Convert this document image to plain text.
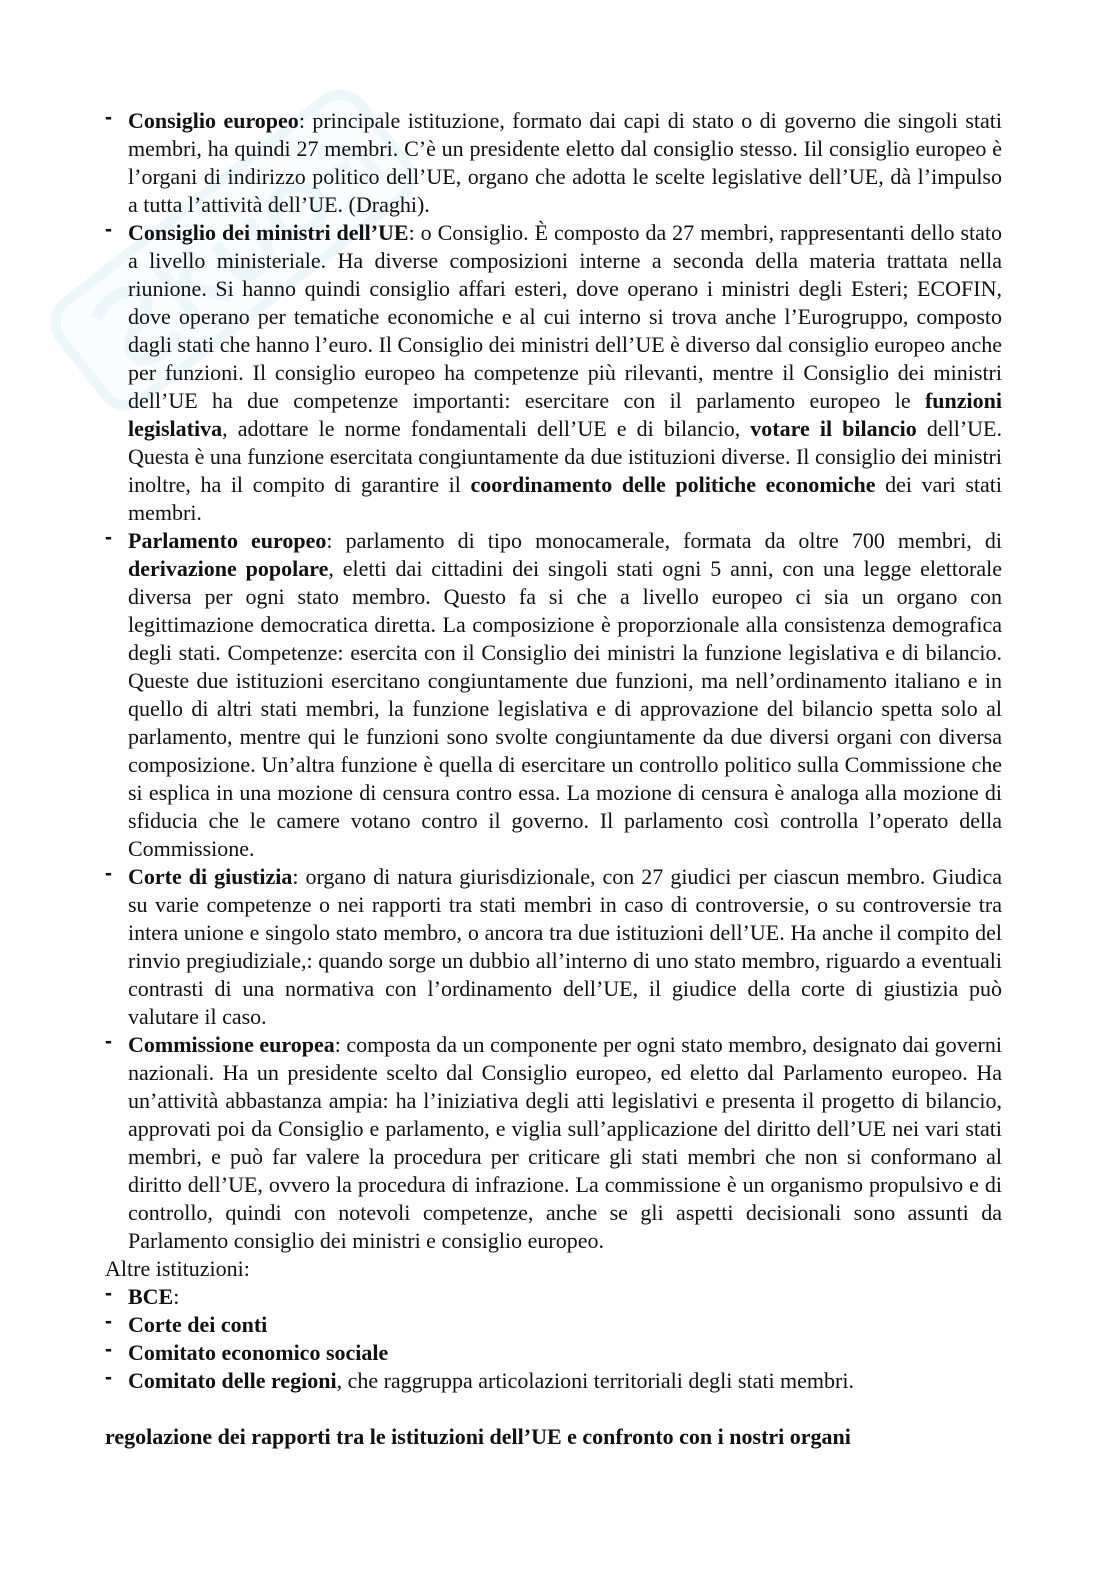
- Consiglio europeo: principale istituzione, formato dai capi di stato o di governo die singoli stati membri, ha quindi 27 membri. C’è un presidente eletto dal consiglio stesso. Iil consiglio europeo è l’organi di indirizzo politico dell’UE, organo che adotta le scelte legislative dell’UE, dà l’impulso a tutta l’attività dell’UE. (Draghi).
- Consiglio dei ministri dell’UE: o Consiglio. È composto da 27 membri, rappresentanti dello stato a livello ministeriale. Ha diverse composizioni interne a seconda della materia trattata nella riunione. Si hanno quindi consiglio affari esteri, dove operano i ministri degli Esteri; ECOFIN, dove operano per tematiche economiche e al cui interno si trova anche l’Eurogruppo, composto dagli stati che hanno l’euro. Il Consiglio dei ministri dell’UE è diverso dal consiglio europeo anche per funzioni. Il consiglio europeo ha competenze più rilevanti, mentre il Consiglio dei ministri dell’UE ha due competenze importanti: esercitare con il parlamento europeo le funzioni legislativa, adottare le norme fondamentali dell’UE e di bilancio, votare il bilancio dell’UE. Questa è una funzione esercitata congiuntamente da due istituzioni diverse. Il consiglio dei ministri inoltre, ha il compito di garantire il coordinamento delle politiche economiche dei vari stati membri.
- Parlamento europeo: parlamento di tipo monocamerale, formata da oltre 700 membri, di derivazione popolare, eletti dai cittadini dei singoli stati ogni 5 anni, con una legge elettorale diversa per ogni stato membro. Questo fa si che a livello europeo ci sia un organo con legittimazione democratica diretta. La composizione è proporzionale alla consistenza demografica degli stati. Competenze: esercita con il Consiglio dei ministri la funzione legislativa e di bilancio. Queste due istituzioni esercitano congiuntamente due funzioni, ma nell’ordinamento italiano e in quello di altri stati membri, la funzione legislativa e di approvazione del bilancio spetta solo al parlamento, mentre qui le funzioni sono svolte congiuntamente da due diversi organi con diversa composizione. Un’altra funzione è quella di esercitare un controllo politico sulla Commissione che si esplica in una mozione di censura contro essa. La mozione di censura è analoga alla mozione di sfiducia che le camere votano contro il governo. Il parlamento così controlla l’operato della Commissione.
- Corte di giustizia: organo di natura giurisdizionale, con 27 giudici per ciascun membro. Giudica su varie competenze o nei rapporti tra stati membri in caso di controversie, o su controversie tra intera unione e singolo stato membro, o ancora tra due istituzioni dell’UE. Ha anche il compito del rinvio pregiudiziale,: quando sorge un dubbio all’interno di uno stato membro, riguardo a eventuali contrasti di una normativa con l’ordinamento dell’UE, il giudice della corte di giustizia può valutare il caso.
- Commissione europea: composta da un componente per ogni stato membro, designato dai governi nazionali. Ha un presidente scelto dal Consiglio europeo, ed eletto dal Parlamento europeo. Ha un’attività abbastanza ampia: ha l’iniziativa degli atti legislativi e presenta il progetto di bilancio, approvati poi da Consiglio e parlamento, e viglia sull’applicazione del diritto dell’UE nei vari stati membri, e può far valere la procedura per criticare gli stati membri che non si conformano al diritto dell’UE, ovvero la procedura di infrazione. La commissione è un organismo propulsivo e di controllo, quindi con notevoli competenze, anche se gli aspetti decisionali sono assunti da Parlamento consiglio dei ministri e consiglio europeo.
Altre istituzioni:
- BCE:
- Corte dei conti
- Comitato economico sociale
- Comitato delle regioni, che raggruppa articolazioni territoriali degli stati membri.
regolazione dei rapporti tra le istituzioni dell’UE e confronto con i nostri organi
